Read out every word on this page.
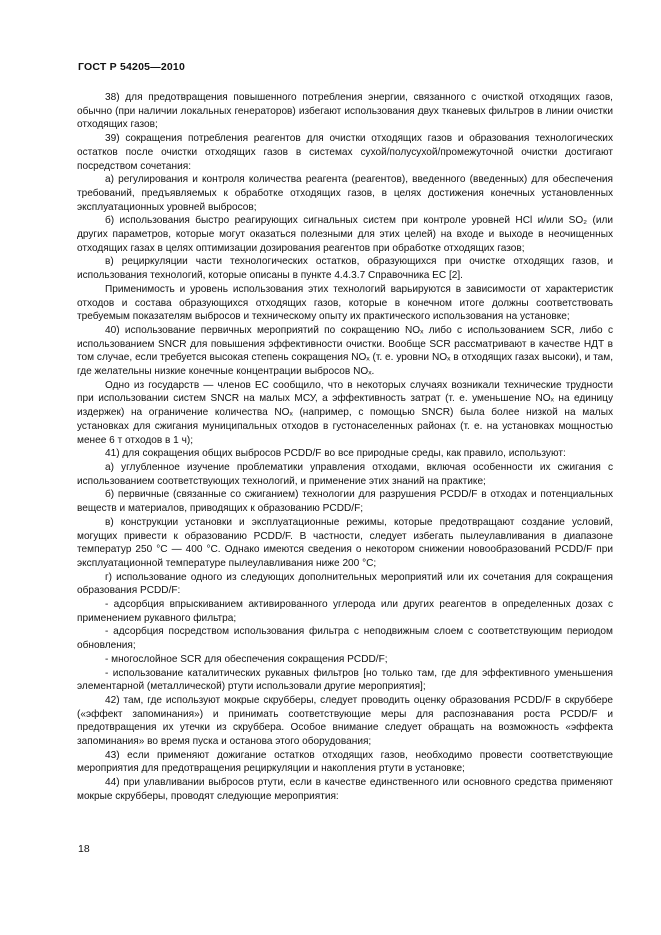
ГОСТ Р 54205—2010

38) для предотвращения повышенного потребления энергии, связанного с очисткой отходящих газов, обычно (при наличии локальных генераторов) избегают использования двух тканевых фильтров в линии очистки отходящих газов;

39) сокращения потребления реагентов для очистки отходящих газов и образования технологических остатков после очистки отходящих газов в системах сухой/полусухой/промежуточной очистки достигают посредством сочетания:

а) регулирования и контроля количества реагента (реагентов), введенного (введенных) для обеспечения требований, предъявляемых к обработке отходящих газов, в целях достижения конечных установленных эксплуатационных уровней выбросов;

б) использования быстро реагирующих сигнальных систем при контроле уровней HCl и/или SO₂ (или других параметров, которые могут оказаться полезными для этих целей) на входе и выходе в неочищенных отходящих газах в целях оптимизации дозирования реагентов при обработке отходящих газов;

в) рециркуляции части технологических остатков, образующихся при очистке отходящих газов, и использования технологий, которые описаны в пункте 4.4.3.7 Справочника ЕС [2].

Применимость и уровень использования этих технологий варьируются в зависимости от характеристик отходов и состава образующихся отходящих газов, которые в конечном итоге должны соответствовать требуемым показателям выбросов и техническому опыту их практического использования на установке;

40) использование первичных мероприятий по сокращению NOₓ либо с использованием SCR, либо с использованием SNCR для повышения эффективности очистки. Вообще SCR рассматривают в качестве НДТ в том случае, если требуется высокая степень сокращения NOₓ (т. е. уровни NOₓ в отходящих газах высоки), и там, где желательны низкие конечные концентрации выбросов NOₓ.

Одно из государств — членов ЕС сообщило, что в некоторых случаях возникали технические трудности при использовании систем SNCR на малых МСУ, а эффективность затрат (т. е. уменьшение NOₓ на единицу издержек) на ограничение количества NOₓ (например, с помощью SNCR) была более низкой на малых установках для сжигания муниципальных отходов в густонаселенных районах (т. е. на установках мощностью менее 6 т отходов в 1 ч);

41) для сокращения общих выбросов PCDD/F во все природные среды, как правило, используют:

а) углубленное изучение проблематики управления отходами, включая особенности их сжигания с использованием соответствующих технологий, и применение этих знаний на практике;

б) первичные (связанные со сжиганием) технологии для разрушения PCDD/F в отходах и потенциальных веществ и материалов, приводящих к образованию PCDD/F;

в) конструкции установки и эксплуатационные режимы, которые предотвращают создание условий, могущих привести к образованию PCDD/F. В частности, следует избегать пылеулавливания в диапазоне температур 250 °С — 400 °С. Однако имеются сведения о некотором снижении новообразований PCDD/F при эксплуатационной температуре пылеулавливания ниже 200 °С;

г) использование одного из следующих дополнительных мероприятий или их сочетания для сокращения образования PCDD/F:

- адсорбция впрыскиванием активированного углерода или других реагентов в определенных дозах с применением рукавного фильтра;

- адсорбция посредством использования фильтра с неподвижным слоем с соответствующим периодом обновления;

- многослойное SCR для обеспечения сокращения PCDD/F;

- использование каталитических рукавных фильтров [но только там, где для эффективного уменьшения элементарной (металлической) ртути использовали другие мероприятия];

42) там, где используют мокрые скрубберы, следует проводить оценку образования PCDD/F в скруббере («эффект запоминания») и принимать соответствующие меры для распознавания роста PCDD/F и предотвращения их утечки из скруббера. Особое внимание следует обращать на возможность «эффекта запоминания» во время пуска и останова этого оборудования;

43) если применяют дожигание остатков отходящих газов, необходимо провести соответствующие мероприятия для предотвращения рециркуляции и накопления ртути в установке;

44) при улавливании выбросов ртути, если в качестве единственного или основного средства применяют мокрые скрубберы, проводят следующие мероприятия:

18
